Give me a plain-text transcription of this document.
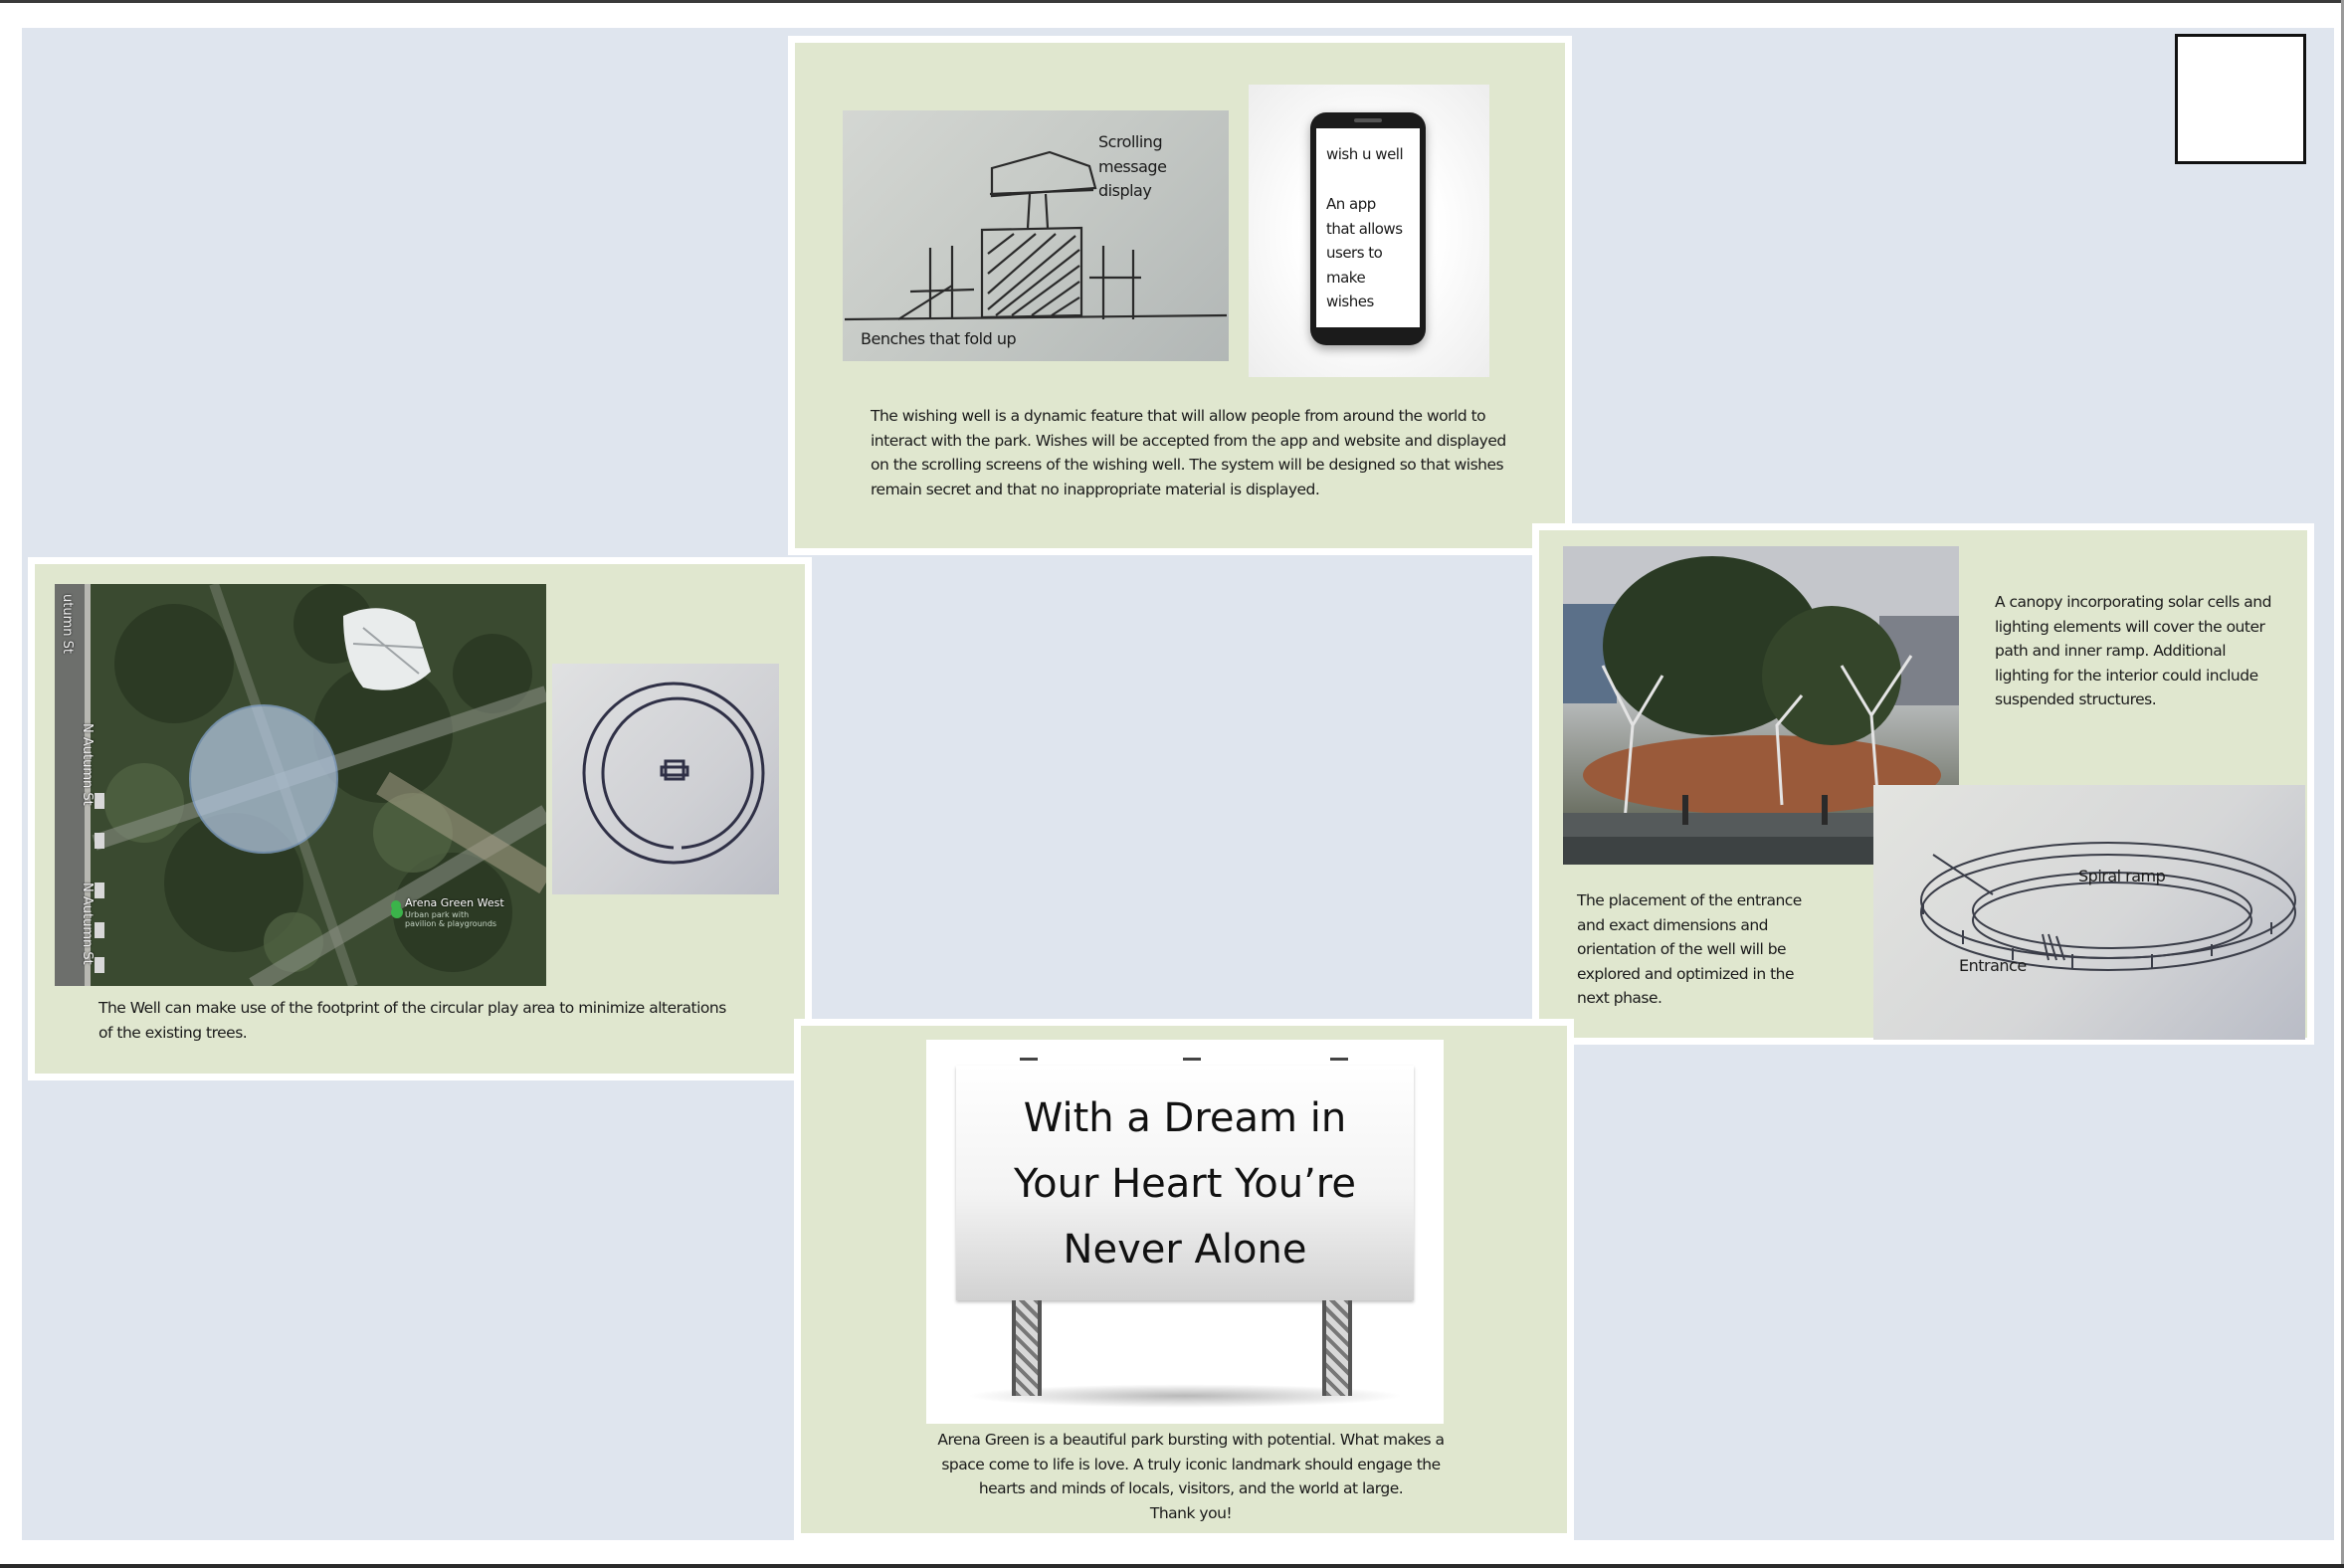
Scrolling
message
display
Benches that fold up
wish u well
An app
that allows
users to
make
wishes
The wishing well is a dynamic feature that will allow people from around the world to
interact with the park. Wishes will be accepted from the app and website and displayed
on the scrolling screens of the wishing well. The system will be designed so that wishes
remain secret and that no inappropriate material is displayed.
utumn St
N Autumn St
N Autumn St	Arena Green West
Urban park with
pavilion & playgrounds
The Well can make use of the footprint of the circular play area to minimize alterations
of the existing trees.
A canopy incorporating solar cells and
lighting elements will cover the outer
path and inner ramp. Additional
lighting for the interior could include
suspended structures.
The placement of the entrance
and exact dimensions and
orientation of the well will be
explored and optimized in the
next phase.
Spiral ramp
Entrance
With a Dream in
Your Heart You’re
Never Alone
Arena Green is a beautiful park bursting with potential. What makes a
space come to life is love. A truly iconic landmark should engage the
hearts and minds of locals, visitors, and the world at large.
Thank you!
